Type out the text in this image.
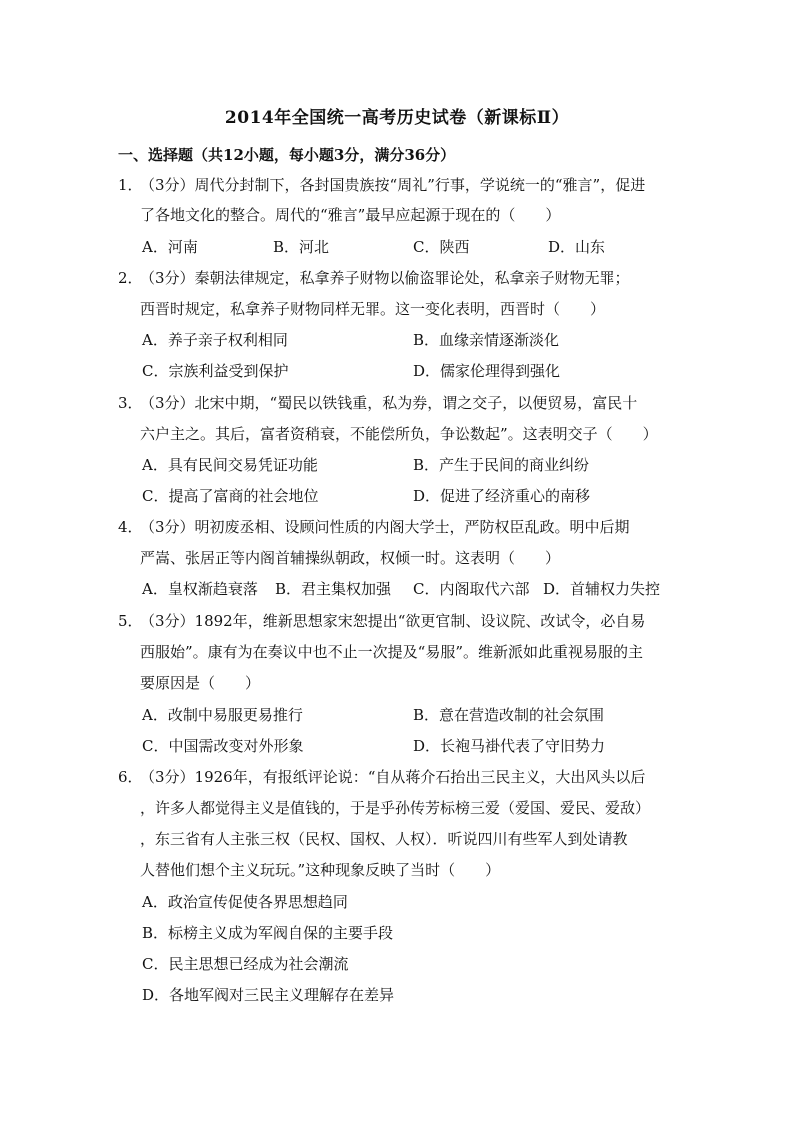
2014年全国统一高考历史试卷（新课标Ⅱ）
一、选择题（共12小题，每小题3分，满分36分）
1．
（3分）周代分封制下，各封国贵族按“周礼”行事，学说统一的“雅言”，促进
了各地文化的整合。周代的“雅言”最早应起源于现在的（　　）
A．河南	B．河北	C．陕西	D．山东
2．
（3分）秦朝法律规定，私拿养子财物以偷盗罪论处，私拿亲子财物无罪；
西晋时规定，私拿养子财物同样无罪。这一变化表明，西晋时（　　）
A．养子亲子权利相同	B．血缘亲情逐渐淡化
C．宗族利益受到保护	D．儒家伦理得到强化
3．
（3分）北宋中期，“蜀民以铁钱重，私为券，谓之交子，以便贸易，富民十
六户主之。其后，富者资稍衰，不能偿所负，争讼数起”。这表明交子（　　）
A．具有民间交易凭证功能	B．产生于民间的商业纠纷
C．提高了富商的社会地位	D．促进了经济重心的南移
4．
（3分）明初废丞相、设顾问性质的内阁大学士，严防权臣乱政。明中后期
严嵩、张居正等内阁首辅操纵朝政，权倾一时。这表明（　　）
A．皇权渐趋衰落 B．君主集权加强 C．内阁取代六部 D．首辅权力失控
5．
（3分）1892年，维新思想家宋恕提出“欲更官制、设议院、改试令，必自易
西服始”。康有为在奏议中也不止一次提及“易服”。维新派如此重视易服的主
要原因是（　　）
A．改制中易服更易推行	B．意在营造改制的社会氛围
C．中国需改变对外形象	D．长袍马褂代表了守旧势力
6．
（3分）1926年，有报纸评论说：“自从蒋介石抬出三民主义，大出风头以后
，许多人都觉得主义是值钱的，于是乎孙传芳标榜三爱（爱国、爱民、爱敌）
，东三省有人主张三权（民权、国权、人权）．听说四川有些军人到处请教
人替他们想个主义玩玩。”这种现象反映了当时（　　）
A．政治宣传促使各界思想趋同
B．标榜主义成为军阀自保的主要手段
C．民主思想已经成为社会潮流
D．各地军阀对三民主义理解存在差异
